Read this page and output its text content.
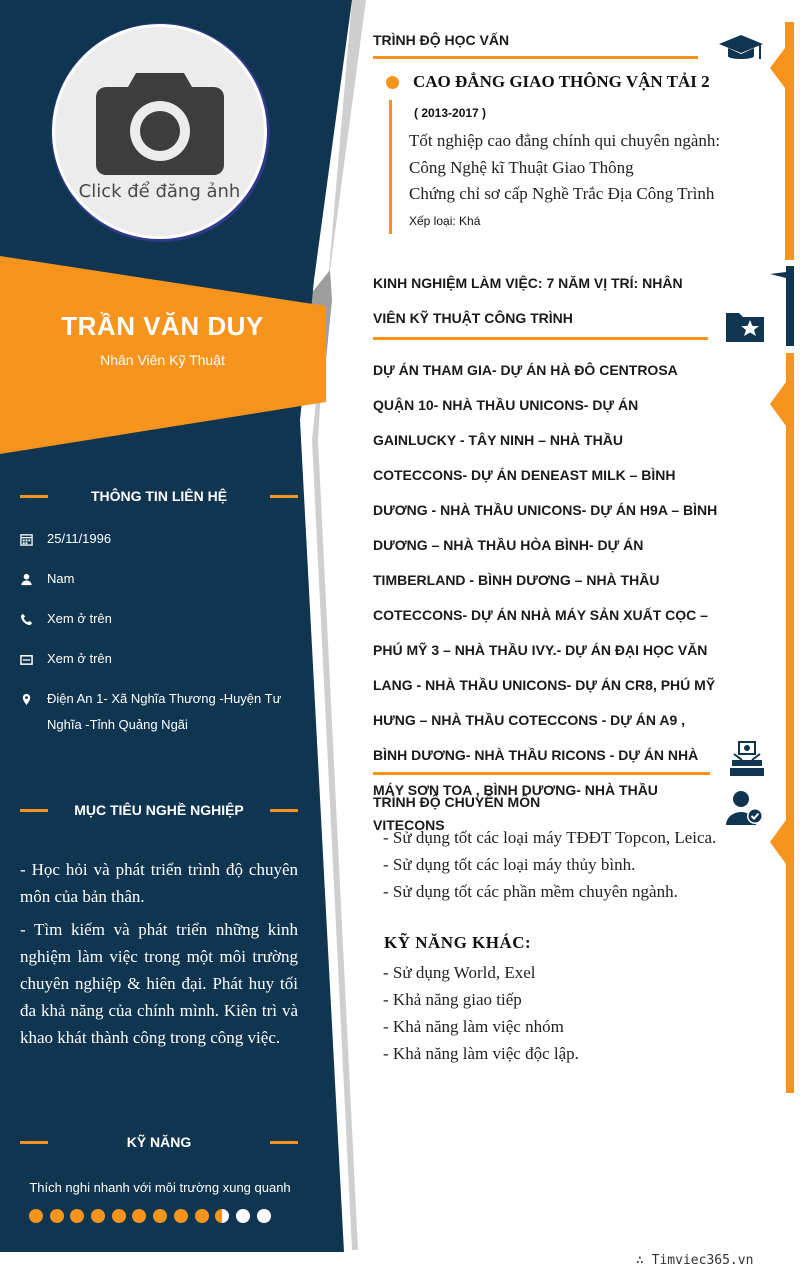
Click để đăng ảnh
TRẦN VĂN DUY
Nhân Viên Kỹ Thuật
THÔNG TIN LIÊN HỆ
25/11/1996
Nam
Xem ở trên
Xem ở trên
Điện An 1- Xã Nghĩa Thương -Huyện Tư
Nghĩa -Tỉnh Quảng Ngãi
MỤC TIÊU NGHỀ NGHIỆP

- Học hỏi và phát triển trình độ chuyên môn của bản thân.

- Tìm kiếm và phát triển những kinh nghiệm làm việc trong một môi trường chuyên nghiệp & hiên đại. Phát huy tối đa khả năng của chính mình. Kiên trì và khao khát thành công trong công việc.

KỸ NĂNG
Thích nghi nhanh với môi trường xung quanh
TRÌNH ĐỘ HỌC VẤN
CAO ĐẲNG GIAO THÔNG VẬN TẢI 2
( 2013-2017 )
Tốt nghiệp cao đẳng chính qui chuyên ngành:
Công Nghệ kĩ Thuật Giao Thông
Chứng chỉ sơ cấp Nghề Trắc Địa Công Trình
Xếp loại: Khá
KINH NGHIỆM LÀM VIỆC: 7 NĂM VỊ TRÍ: NHÂN VIÊN KỸ THUẬT CÔNG TRÌNH
DỰ ÁN THAM GIA- DỰ ÁN HÀ ĐÔ CENTROSA QUẬN 10- NHÀ THẦU UNICONS- DỰ ÁN GAINLUCKY - TÂY NINH – NHÀ THẦU COTECCONS- DỰ ÁN DENEAST MILK – BÌNH DƯƠNG - NHÀ THẦU UNICONS- DỰ ÁN H9A – BÌNH DƯƠNG – NHÀ THẦU HÒA BÌNH- DỰ ÁN TIMBERLAND - BÌNH DƯƠNG – NHÀ THẦU COTECCONS- DỰ ÁN NHÀ MÁY SẢN XUẤT CỌC – PHÚ MỸ 3 – NHÀ THẦU IVY.- DỰ ÁN ĐẠI HỌC VĂN LANG - NHÀ THẦU UNICONS- DỰ ÁN CR8, PHÚ MỸ HƯNG – NHÀ THẦU COTECCONS - DỰ ÁN A9 , BÌNH DƯƠNG- NHÀ THẦU RICONS - DỰ ÁN NHÀ MÁY SƠN TOA , BÌNH DƯƠNG- NHÀ THẦU VITECONS
TRÌNH ĐỘ CHUYÊN MÔN
- Sử dụng tốt các loại máy TĐĐT Topcon, Leica.
- Sử dụng tốt các loại máy thủy bình.
- Sử dụng tốt các phần mềm chuyên ngành.
KỸ NĂNG KHÁC:
- Sử dụng World, Exel
- Khả năng giao tiếp
- Khả năng làm việc nhóm
- Khả năng làm việc độc lập.
∴ Timviec365.vn
